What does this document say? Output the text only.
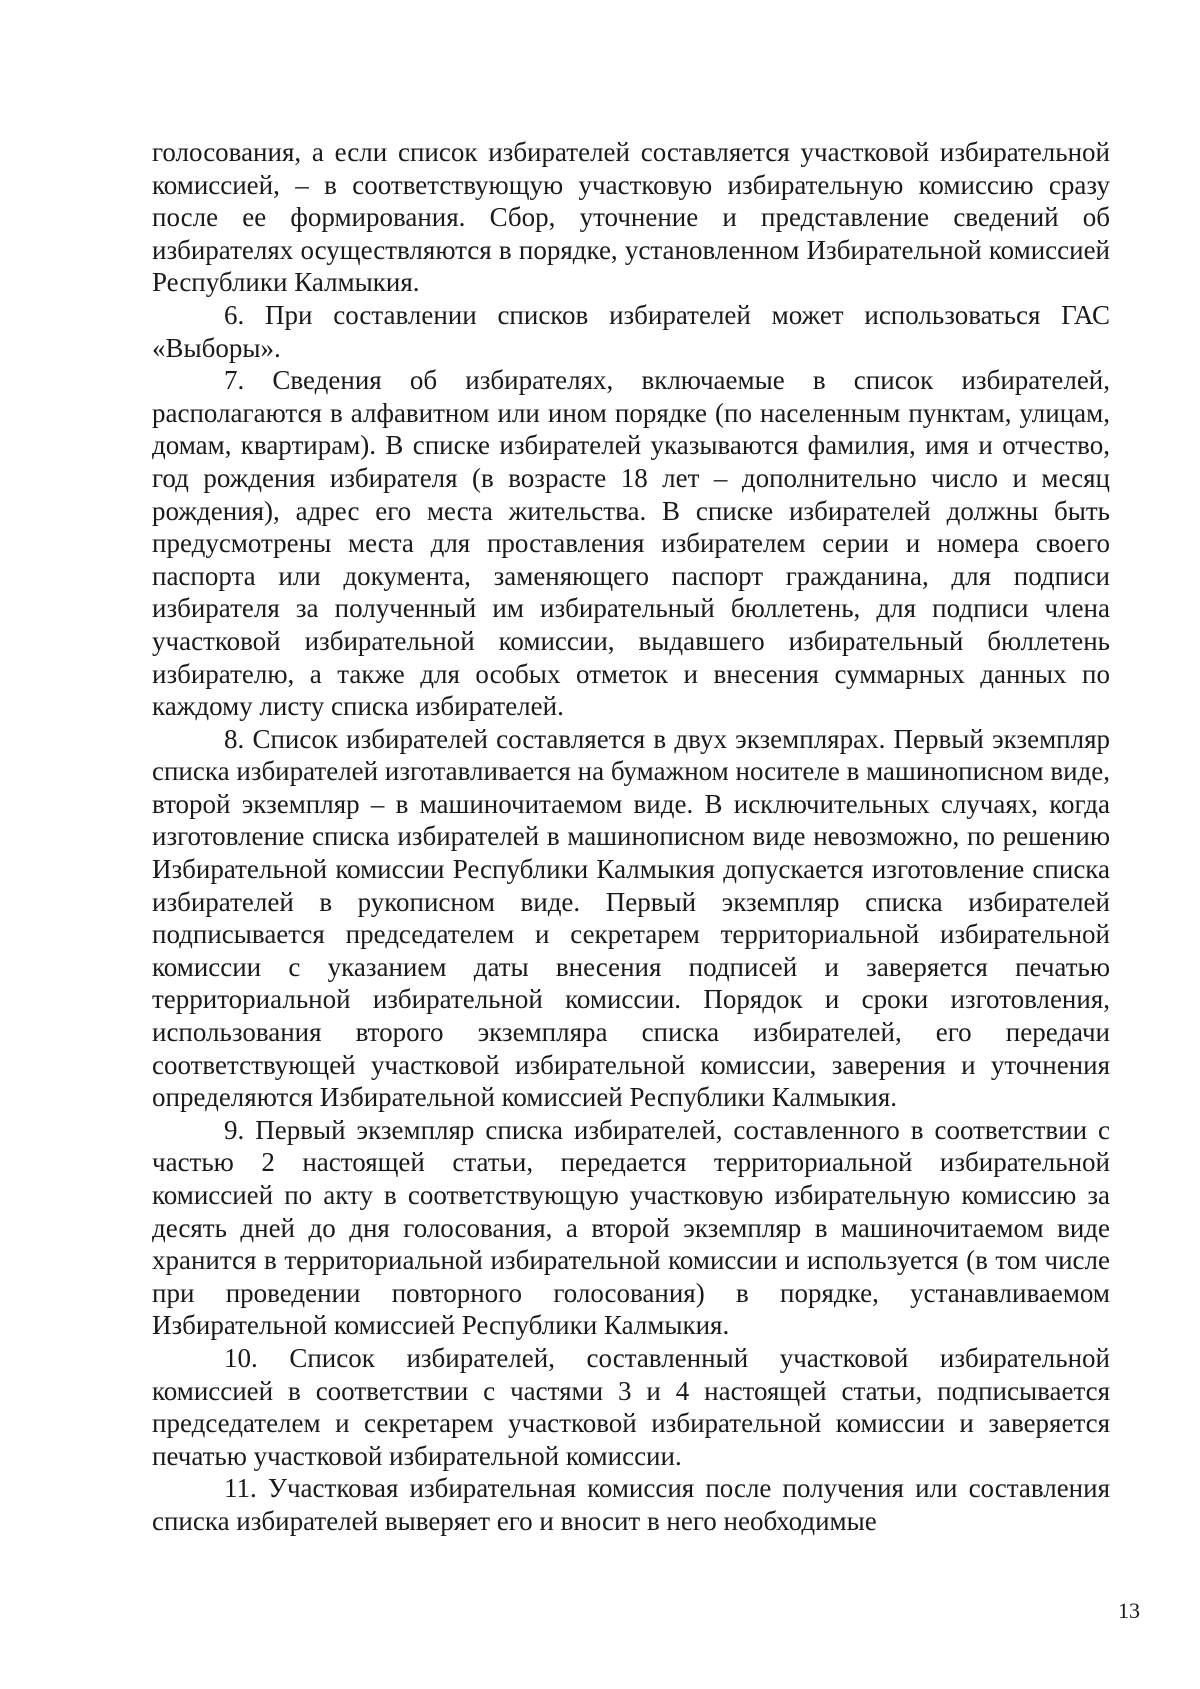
голосования, а если список избирателей составляется участковой избирательной комиссией, – в соответствующую участковую избирательную комиссию сразу после ее формирования. Сбор, уточнение и представление сведений об избирателях осуществляются в порядке, установленном Избирательной комиссией Республики Калмыкия.

6. При составлении списков избирателей может использоваться ГАС «Выборы».

7. Сведения об избирателях, включаемые в список избирателей, располагаются в алфавитном или ином порядке (по населенным пунктам, улицам, домам, квартирам). В списке избирателей указываются фамилия, имя и отчество, год рождения избирателя (в возрасте 18 лет – дополнительно число и месяц рождения), адрес его места жительства. В списке избирателей должны быть предусмотрены места для проставления избирателем серии и номера своего паспорта или документа, заменяющего паспорт гражданина, для подписи избирателя за полученный им избирательный бюллетень, для подписи члена участковой избирательной комиссии, выдавшего избирательный бюллетень избирателю, а также для особых отметок и внесения суммарных данных по каждому листу списка избирателей.

8. Список избирателей составляется в двух экземплярах. Первый экземпляр списка избирателей изготавливается на бумажном носителе в машинописном виде, второй экземпляр – в машиночитаемом виде. В исключительных случаях, когда изготовление списка избирателей в машинописном виде невозможно, по решению Избирательной комиссии Республики Калмыкия допускается изготовление списка избирателей в рукописном виде. Первый экземпляр списка избирателей подписывается председателем и секретарем территориальной избирательной комиссии с указанием даты внесения подписей и заверяется печатью территориальной избирательной комиссии. Порядок и сроки изготовления, использования второго экземпляра списка избирателей, его передачи соответствующей участковой избирательной комиссии, заверения и уточнения определяются Избирательной комиссией Республики Калмыкия.

9. Первый экземпляр списка избирателей, составленного в соответствии с частью 2 настоящей статьи, передается территориальной избирательной комиссией по акту в соответствующую участковую избирательную комиссию за десять дней до дня голосования, а второй экземпляр в машиночитаемом виде хранится в территориальной избирательной комиссии и используется (в том числе при проведении повторного голосования) в порядке, устанавливаемом Избирательной комиссией Республики Калмыкия.

10. Список избирателей, составленный участковой избирательной комиссией в соответствии с частями 3 и 4 настоящей статьи, подписывается председателем и секретарем участковой избирательной комиссии и заверяется печатью участковой избирательной комиссии.

11. Участковая избирательная комиссия после получения или составления списка избирателей выверяет его и вносит в него необходимые

13
